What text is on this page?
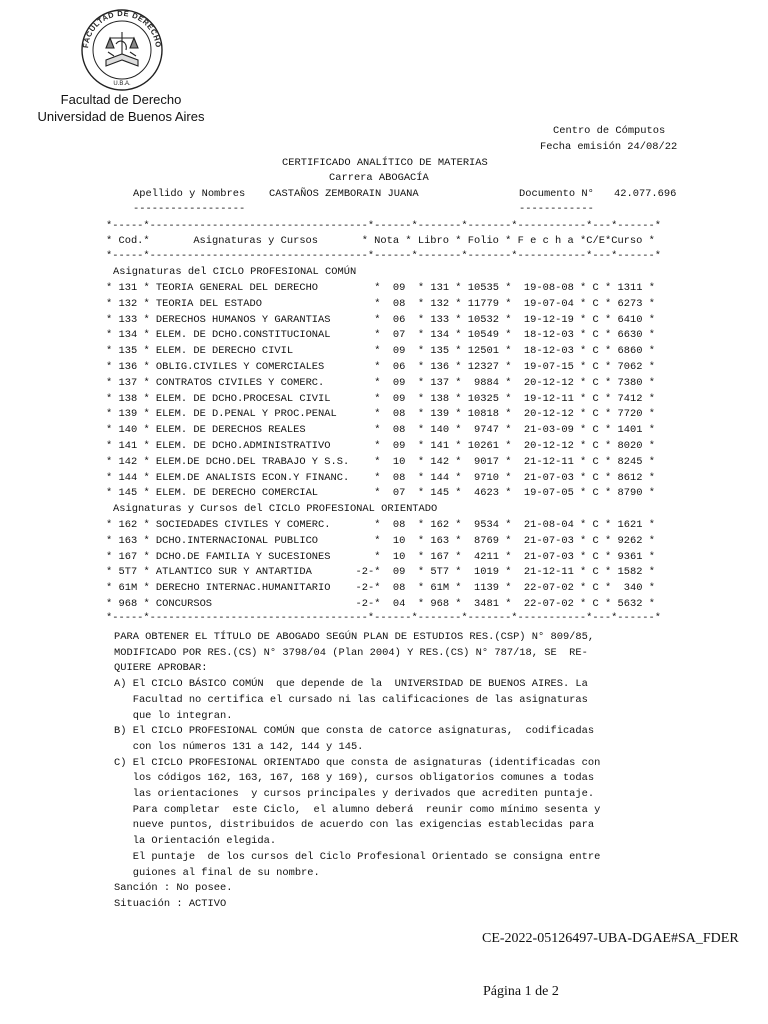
FACULTAD DE DERECHO
U.B.A.
Facultad de Derecho
Universidad de Buenos Aires
Centro de Cómputos
Fecha emisión 24/08/22
CERTIFICADO ANALÍTICO DE MATERIAS
Carrera ABOGACÍA
Apellido y Nombres CASTAÑOS ZEMBORAIN JUANA	Documento N° 42.077.696
------------------	------------
*-----*-----------------------------------*------*-------*-------*-----------*---*------*
* Cod.*	Asignaturas y Cursos	* Nota * Libro * Folio * F e c h a *C/E*Curso *
*-----*-----------------------------------*------*-------*-------*-----------*---*------*
Asignaturas del CICLO PROFESIONAL COMÚN
* 131 * TEORIA GENERAL DEL DERECHO         *  09  * 131 * 10535 *  19-08-08 * C * 1311 *
* 132 * TEORIA DEL ESTADO                  *  08  * 132 * 11779 *  19-07-04 * C * 6273 *
* 133 * DERECHOS HUMANOS Y GARANTIAS       *  06  * 133 * 10532 *  19-12-19 * C * 6410 *
* 134 * ELEM. DE DCHO.CONSTITUCIONAL       *  07  * 134 * 10549 *  18-12-03 * C * 6630 *
* 135 * ELEM. DE DERECHO CIVIL             *  09  * 135 * 12501 *  18-12-03 * C * 6860 *
* 136 * OBLIG.CIVILES Y COMERCIALES        *  06  * 136 * 12327 *  19-07-15 * C * 7062 *
* 137 * CONTRATOS CIVILES Y COMERC.        *  09  * 137 *  9884 *  20-12-12 * C * 7380 *
* 138 * ELEM. DE DCHO.PROCESAL CIVIL       *  09  * 138 * 10325 *  19-12-11 * C * 7412 *
* 139 * ELEM. DE D.PENAL Y PROC.PENAL      *  08  * 139 * 10818 *  20-12-12 * C * 7720 *
* 140 * ELEM. DE DERECHOS REALES           *  08  * 140 *  9747 *  21-03-09 * C * 1401 *
* 141 * ELEM. DE DCHO.ADMINISTRATIVO       *  09  * 141 * 10261 *  20-12-12 * C * 8020 *
* 142 * ELEM.DE DCHO.DEL TRABAJO Y S.S. *  10  * 142 *  9017 *  21-12-11 * C * 8245 *
* 144 * ELEM.DE ANALISIS ECON.Y FINANC. *  08  * 144 *  9710 *  21-07-03 * C * 8612 *
* 145 * ELEM. DE DERECHO COMERCIAL         *  07  * 145 *  4623 *  19-07-05 * C * 8790 *
Asignaturas y Cursos del CICLO PROFESIONAL ORIENTADO
* 162 * SOCIEDADES CIVILES Y COMERC.       *  08  * 162 *  9534 *  21-08-04 * C * 1621 *
* 163 * DCHO.INTERNACIONAL PUBLICO         *  10  * 163 *  8769 *  21-07-03 * C * 9262 *
* 167 * DCHO.DE FAMILIA Y SUCESIONES       *  10  * 167 *  4211 *  21-07-03 * C * 9361 *
* 5T7 * ATLANTICO SUR Y ANTARTIDA       -2-*  09  * 5T7 *  1019 *  21-12-11 * C * 1582 *
* 61M * DERECHO INTERNAC.HUMANITARIO    -2-*  08  * 61M *  1139 *  22-07-02 * C *  340 *
* 968 * CONCURSOS                       -2-*  04  * 968 *  3481 *  22-07-02 * C * 5632 *
*-----*-----------------------------------*------*-------*-------*-----------*---*------*
PARA OBTENER EL TÍTULO DE ABOGADO SEGÚN PLAN DE ESTUDIOS RES.(CSP) N° 809/85,
MODIFICADO POR RES.(CS) N° 3798/04 (Plan 2004) Y RES.(CS) N° 787/18, SE  RE-
QUIERE APROBAR:
A) El CICLO BÁSICO COMÚN  que depende de la  UNIVERSIDAD DE BUENOS AIRES. La
Facultad no certifica el cursado ni las calificaciones de las asignaturas
que lo integran.
B) El CICLO PROFESIONAL COMÚN que consta de catorce asignaturas,  codificadas
con los números 131 a 142, 144 y 145.
C) El CICLO PROFESIONAL ORIENTADO que consta de asignaturas (identificadas con
los códigos 162, 163, 167, 168 y 169), cursos obligatorios comunes a todas
las orientaciones  y cursos principales y derivados que acrediten puntaje.
Para completar  este Ciclo,  el alumno deberá  reunir como mínimo sesenta y
nueve puntos, distribuidos de acuerdo con las exigencias establecidas para
la Orientación elegida.
El puntaje  de los cursos del Ciclo Profesional Orientado se consigna entre
guiones al final de su nombre.
Sanción : No posee.
Situación : ACTIVO
CE-2022-05126497-UBA-DGAE#SA_FDER
Página 1 de 2
